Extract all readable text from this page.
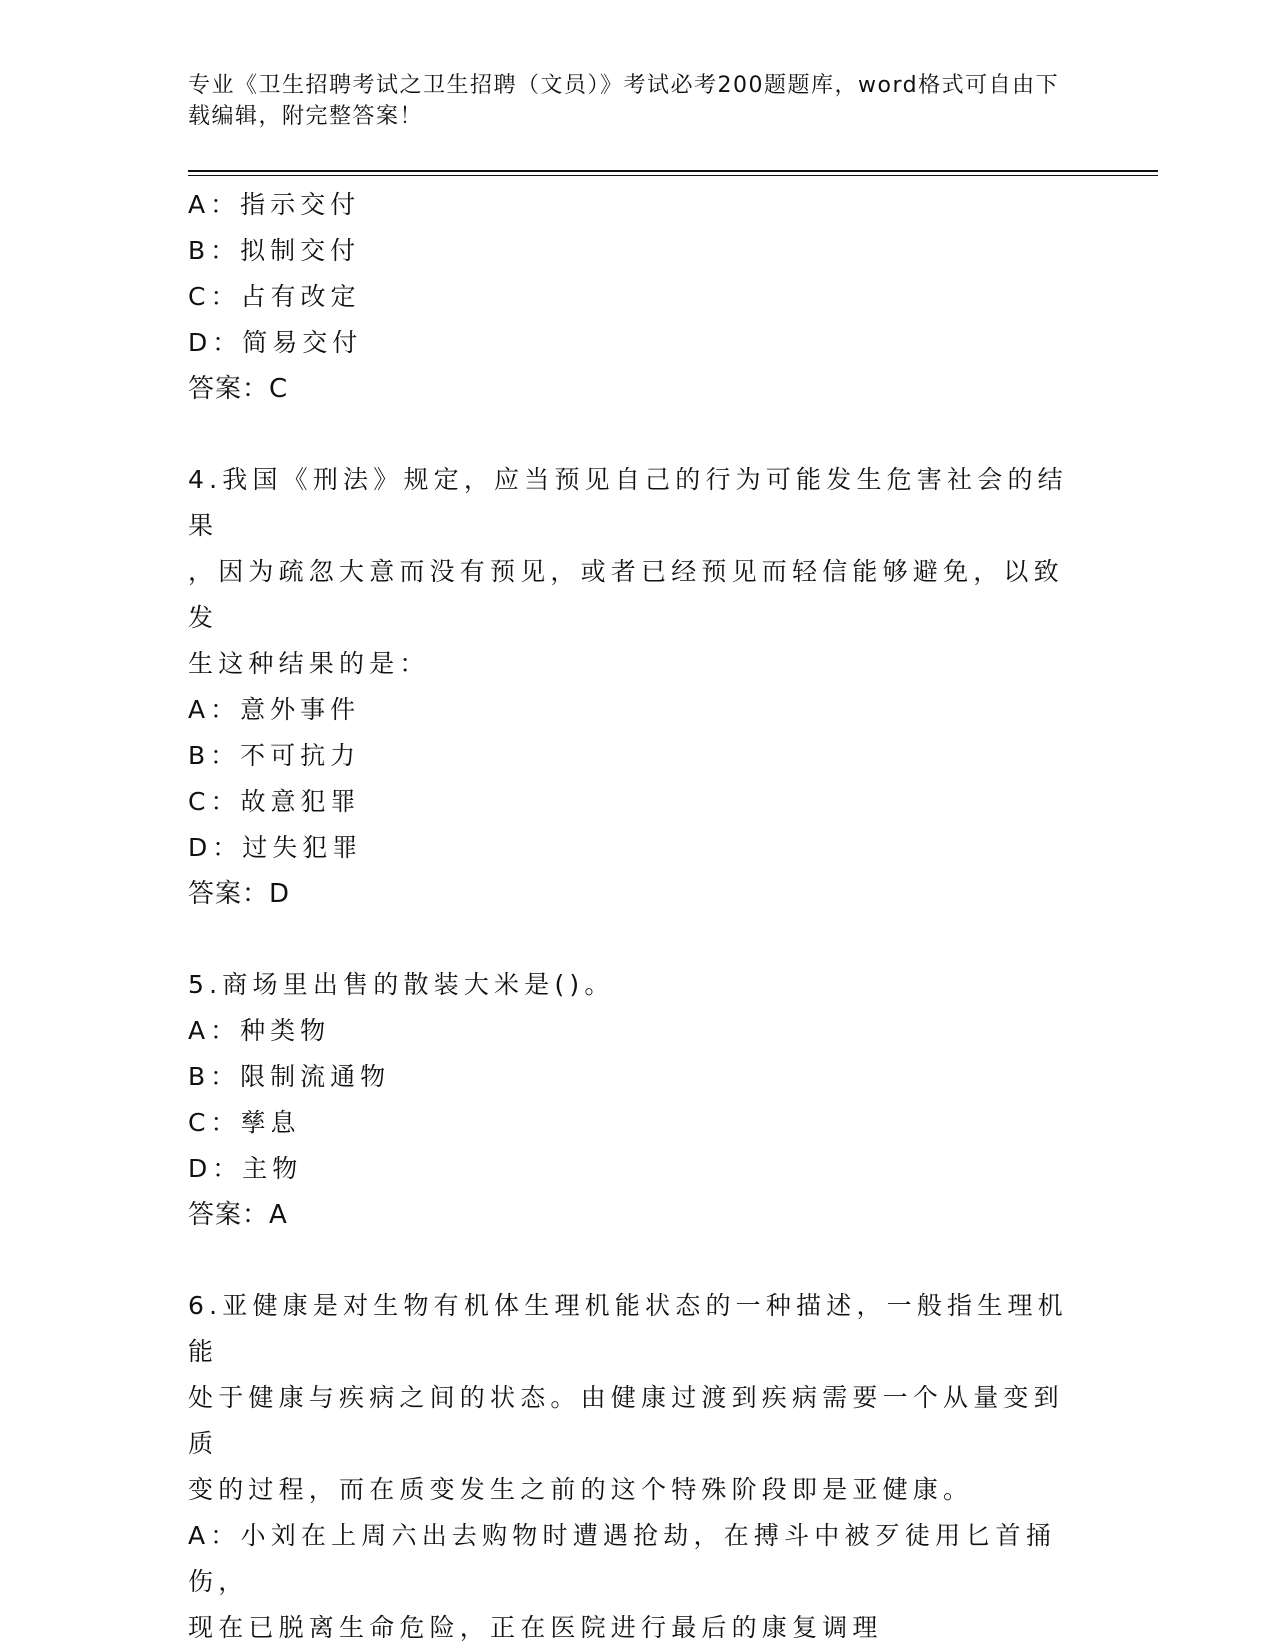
专业《卫生招聘考试之卫生招聘（文员）》考试必考200题题库，word格式可自由下载编辑，附完整答案！

A：指示交付
B：拟制交付
C：占有改定
D：简易交付
答案：C
4.我国《刑法》规定，应当预见自己的行为可能发生危害社会的结果
，因为疏忽大意而没有预见，或者已经预见而轻信能够避免，以致发
生这种结果的是：
A：意外事件
B：不可抗力
C：故意犯罪
D：过失犯罪
答案：D
5.商场里出售的散装大米是()。
A：种类物
B：限制流通物
C：孳息
D：主物
答案：A
6.亚健康是对生物有机体生理机能状态的一种描述，一般指生理机能
处于健康与疾病之间的状态。由健康过渡到疾病需要一个从量变到质
变的过程，而在质变发生之前的这个特殊阶段即是亚健康。
A：小刘在上周六出去购物时遭遇抢劫，在搏斗中被歹徒用匕首捅伤，
现在已脱离生命危险，正在医院进行最后的康复调理
